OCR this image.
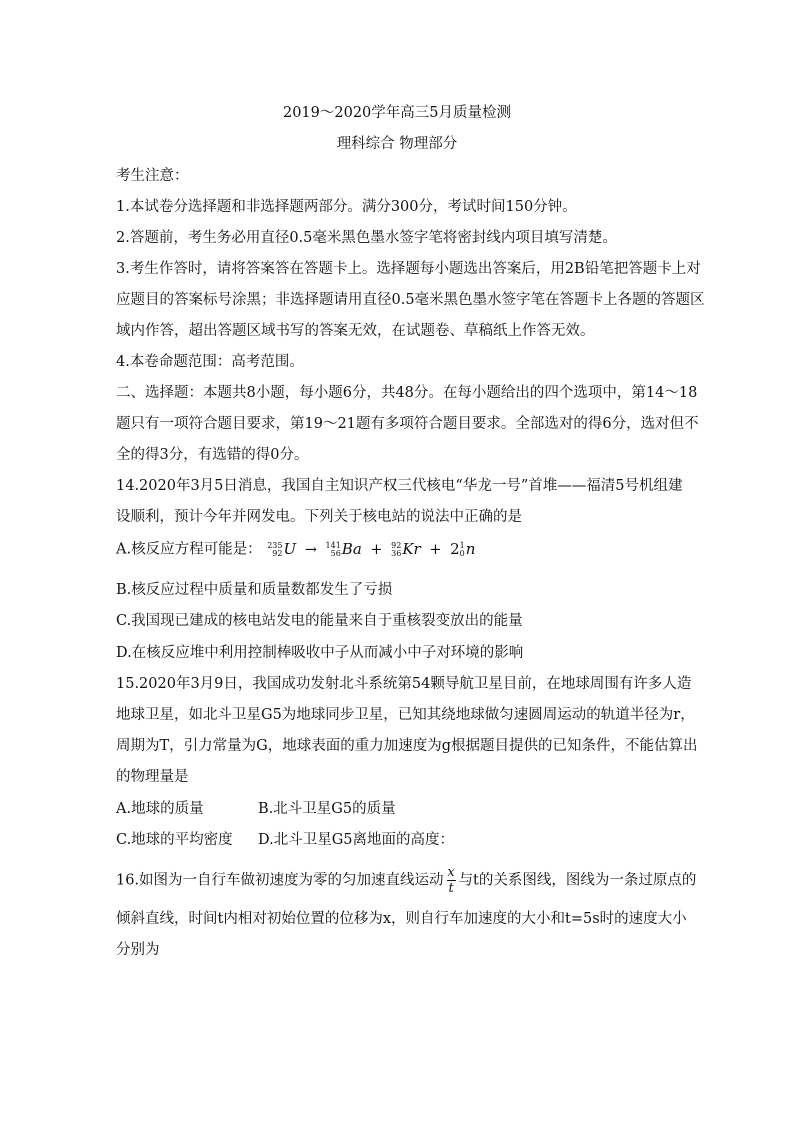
2019～2020学年高三5月质量检测
理科综合 物理部分
考生注意：
1.本试卷分选择题和非选择题两部分。满分300分，考试时间150分钟。
2.答题前，考生务必用直径0.5毫米黑色墨水签字笔将密封线内项目填写清楚。
3.考生作答时，请将答案答在答题卡上。选择题每小题选出答案后，用2B铅笔把答题卡上对
应题目的答案标号涂黑；非选择题请用直径0.5毫米黑色墨水签字笔在答题卡上各题的答题区
域内作答，超出答题区域书写的答案无效，在试题卷、草稿纸上作答无效。
4.本卷命题范围：高考范围。
二、选择题：本题共8小题，每小题6分，共48分。在每小题给出的四个选项中，第14～18
题只有一项符合题目要求，第19～21题有多项符合题目要求。全部选对的得6分，选对但不
全的得3分，有选错的得0分。
14.2020年3月5日消息，我国自主知识产权三代核电“华龙一号”首堆——福清5号机组建
设顺利，预计今年并网发电。下列关于核电站的说法中正确的是
A.核反应方程可能是： 235
92 U → 141
56 Ba + 92
36 Kr + 2 1
0 n
B.核反应过程中质量和质量数都发生了亏损
C.我国现已建成的核电站发电的能量来自于重核裂变放出的能量
D.在核反应堆中利用控制棒吸收中子从而减小中子对环境的影响
15.2020年3月9日，我国成功发射北斗系统第54颗导航卫星目前，在地球周围有许多人造
地球卫星，如北斗卫星G5为地球同步卫星，已知其绕地球做匀速圆周运动的轨道半径为r，
周期为T，引力常量为G，地球表面的重力加速度为g根据题目提供的已知条件，不能估算出
的物理量是
A.地球的质量	B.北斗卫星G5的质量
C.地球的平均密度 D.北斗卫星G5离地面的高度：
16.如图为一自行车做初速度为零的匀加速直线运动 $\frac{x}{t}$ 与t的关系图线，图线为一条过原点的
倾斜直线，时间t内相对初始位置的位移为x，则自行车加速度的大小和t=5s时的速度大小
分别为
